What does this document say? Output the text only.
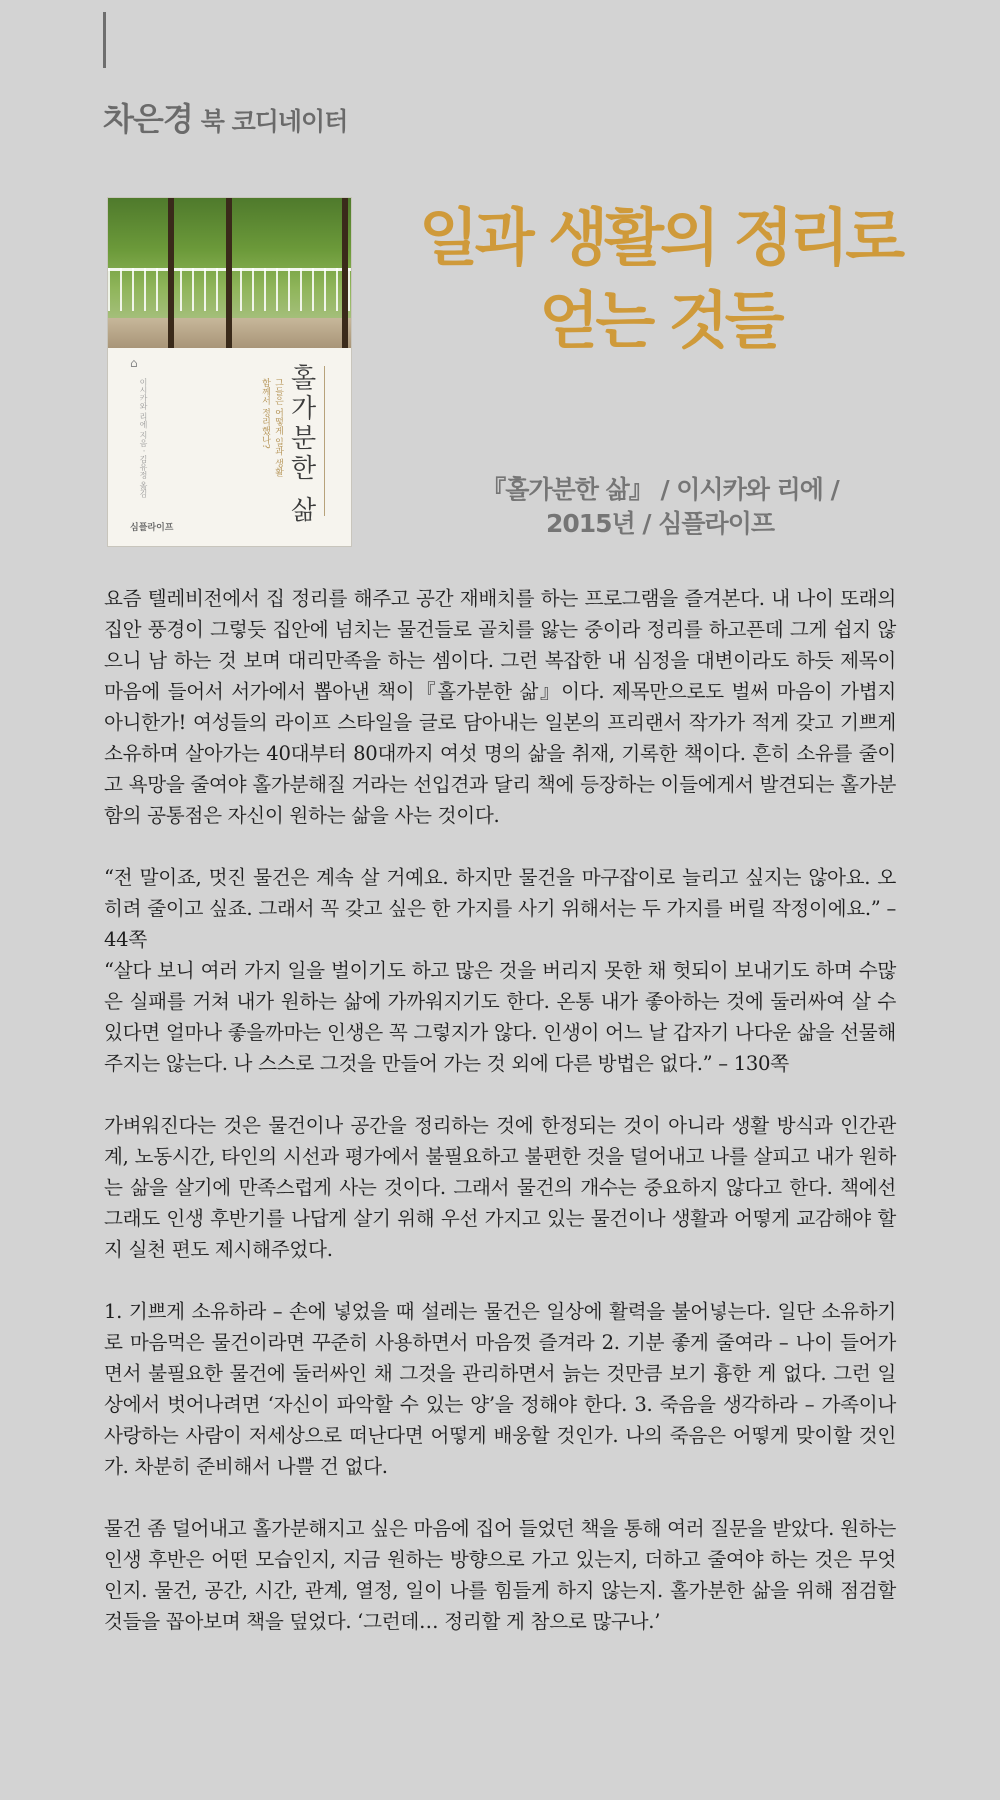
차은경 북 코디네이터
⌂
이시카와 리에 지음 · 김유정 옮김	그들은 어떻게 일과 생활
함께서 정리했나? 홀가분한 삶
심플라이프
일과 생활의 정리로
얻는 것들
『홀가분한 삶』 / 이시카와 리에 /
2015년 / 심플라이프

요즘 텔레비전에서 집 정리를 해주고 공간 재배치를 하는 프로그램을 즐겨본다. 내 나이 또래의 집안 풍경이 그렇듯 집안에 넘치는 물건들로 골치를 앓는 중이라 정리를 하고픈데 그게 쉽지 않으니 남 하는 것 보며 대리만족을 하는 셈이다. 그런 복잡한 내 심정을 대변이라도 하듯 제목이 마음에 들어서 서가에서 뽑아낸 책이『홀가분한 삶』이다. 제목만으로도 벌써 마음이 가볍지 아니한가! 여성들의 라이프 스타일을 글로 담아내는 일본의 프리랜서 작가가 적게 갖고 기쁘게 소유하며 살아가는 40대부터 80대까지 여섯 명의 삶을 취재, 기록한 책이다. 흔히 소유를 줄이고 욕망을 줄여야 홀가분해질 거라는 선입견과 달리 책에 등장하는 이들에게서 발견되는 홀가분함의 공통점은 자신이 원하는 삶을 사는 것이다.

“전 말이죠, 멋진 물건은 계속 살 거예요. 하지만 물건을 마구잡이로 늘리고 싶지는 않아요. 오히려 줄이고 싶죠. 그래서 꼭 갖고 싶은 한 가지를 사기 위해서는 두 가지를 버릴 작정이에요.” – 44쪽

“살다 보니 여러 가지 일을 벌이기도 하고 많은 것을 버리지 못한 채 헛되이 보내기도 하며 수많은 실패를 거쳐 내가 원하는 삶에 가까워지기도 한다. 온통 내가 좋아하는 것에 둘러싸여 살 수 있다면 얼마나 좋을까마는 인생은 꼭 그렇지가 않다. 인생이 어느 날 갑자기 나다운 삶을 선물해주지는 않는다. 나 스스로 그것을 만들어 가는 것 외에 다른 방법은 없다.” – 130쪽

가벼워진다는 것은 물건이나 공간을 정리하는 것에 한정되는 것이 아니라 생활 방식과 인간관계, 노동시간, 타인의 시선과 평가에서 불필요하고 불편한 것을 덜어내고 나를 살피고 내가 원하는 삶을 살기에 만족스럽게 사는 것이다. 그래서 물건의 개수는 중요하지 않다고 한다. 책에선 그래도 인생 후반기를 나답게 살기 위해 우선 가지고 있는 물건이나 생활과 어떻게 교감해야 할지 실천 편도 제시해주었다.

1. 기쁘게 소유하라 – 손에 넣었을 때 설레는 물건은 일상에 활력을 불어넣는다. 일단 소유하기로 마음먹은 물건이라면 꾸준히 사용하면서 마음껏 즐겨라 2. 기분 좋게 줄여라 – 나이 들어가면서 불필요한 물건에 둘러싸인 채 그것을 관리하면서 늙는 것만큼 보기 흉한 게 없다. 그런 일상에서 벗어나려면 ‘자신이 파악할 수 있는 양’을 정해야 한다. 3. 죽음을 생각하라 – 가족이나 사랑하는 사람이 저세상으로 떠난다면 어떻게 배웅할 것인가. 나의 죽음은 어떻게 맞이할 것인가. 차분히 준비해서 나쁠 건 없다.

물건 좀 덜어내고 홀가분해지고 싶은 마음에 집어 들었던 책을 통해 여러 질문을 받았다. 원하는 인생 후반은 어떤 모습인지, 지금 원하는 방향으로 가고 있는지, 더하고 줄여야 하는 것은 무엇인지. 물건, 공간, 시간, 관계, 열정, 일이 나를 힘들게 하지 않는지. 홀가분한 삶을 위해 점검할 것들을 꼽아보며 책을 덮었다. ‘그런데… 정리할 게 참으로 많구나.’
